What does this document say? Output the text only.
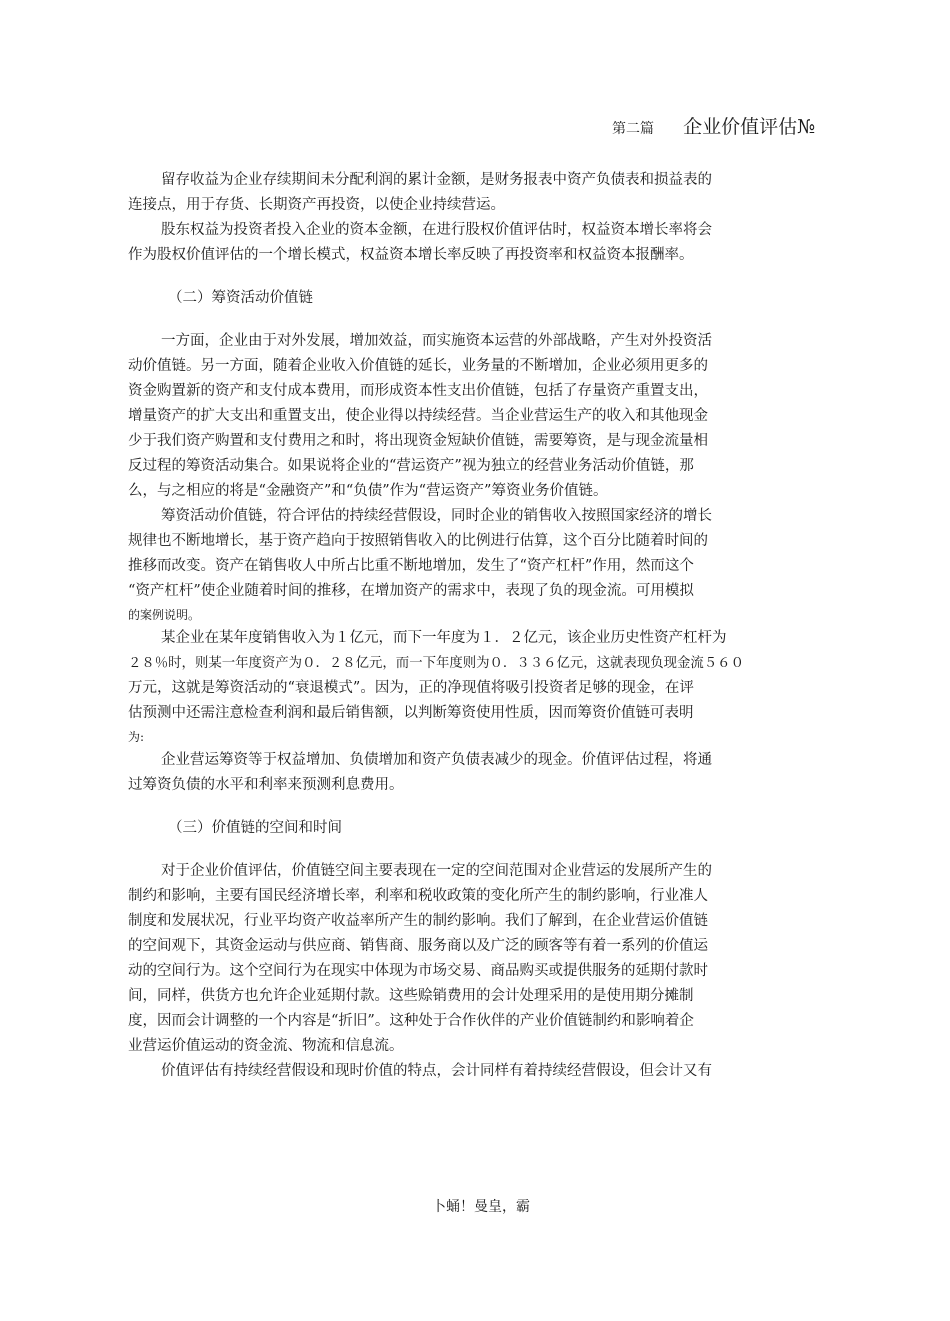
第二篇 企业价值评估№
留存收益为企业存续期间未分配利润的累计金额，是财务报表中资产负债表和损益表的
连接点，用于存货、长期资产再投资，以使企业持续营运。
股东权益为投资者投入企业的资本金额，在进行股权价值评估时，权益资本增长率将会
作为股权价值评估的一个增长模式，权益资本增长率反映了再投资率和权益资本报酬率。

（二）筹资活动价值链

一方面，企业由于对外发展，增加效益，而实施资本运营的外部战略，产生对外投资活
动价值链。另一方面，随着企业收入价值链的延长，业务量的不断增加，企业必须用更多的
资金购置新的资产和支付成本费用，而形成资本性支出价值链，包括了存量资产重置支出，
增量资产的扩大支出和重置支出，使企业得以持续经营。当企业营运生产的收入和其他现金
少于我们资产购置和支付费用之和时，将出现资金短缺价值链，需要筹资，是与现金流量相
反过程的筹资活动集合。如果说将企业的“营运资产”视为独立的经营业务活动价值链，那
么，与之相应的将是“金融资产”和“负债”作为“营运资产”筹资业务价值链。
筹资活动价值链，符合评估的持续经营假设，同时企业的销售收入按照国家经济的增长
规律也不断地增长，基于资产趋向于按照销售收入的比例进行估算，这个百分比随着时间的
推移而改变。资产在销售收人中所占比重不断地增加，发生了“资产杠杆”作用，然而这个
“资产杠杆”使企业随着时间的推移，在增加资产的需求中，表现了负的现金流。可用模拟
的案例说明。
某企业在某年度销售收入为１亿元，而下一年度为１．２亿元，该企业历史性资产杠杆为
２８％时，则某一年度资产为０．２８亿元，而一下年度则为０．３３６亿元，这就表现负现金流５６０
万元，这就是筹资活动的“衰退模式”。因为，正的净现值将吸引投资者足够的现金，在评
估预测中还需注意检查利润和最后销售额，以判断筹资使用性质，因而筹资价值链可表明
为:
企业营运筹资等于权益增加、负债增加和资产负债表减少的现金。价值评估过程，将通
过筹资负债的水平和利率来预测利息费用。

（三）价值链的空间和时间

对于企业价值评估，价值链空间主要表现在一定的空间范围对企业营运的发展所产生的
制约和影响，主要有国民经济增长率，利率和税收政策的变化所产生的制约影响，行业准人
制度和发展状况，行业平均资产收益率所产生的制约影响。我们了解到，在企业营运价值链
的空间观下，其资金运动与供应商、销售商、服务商以及广泛的顾客等有着一系列的价值运
动的空间行为。这个空间行为在现实中体现为市场交易、商品购买或提供服务的延期付款时
间，同样，供货方也允许企业延期付款。这些赊销费用的会计处理采用的是使用期分摊制
度，因而会计调整的一个内容是“折旧”。这种处于合作伙伴的产业价值链制约和影响着企
业营运价值运动的资金流、物流和信息流。
价值评估有持续经营假设和现时价值的特点，会计同样有着持续经营假设，但会计又有
卜蛹！曼皇，霸
